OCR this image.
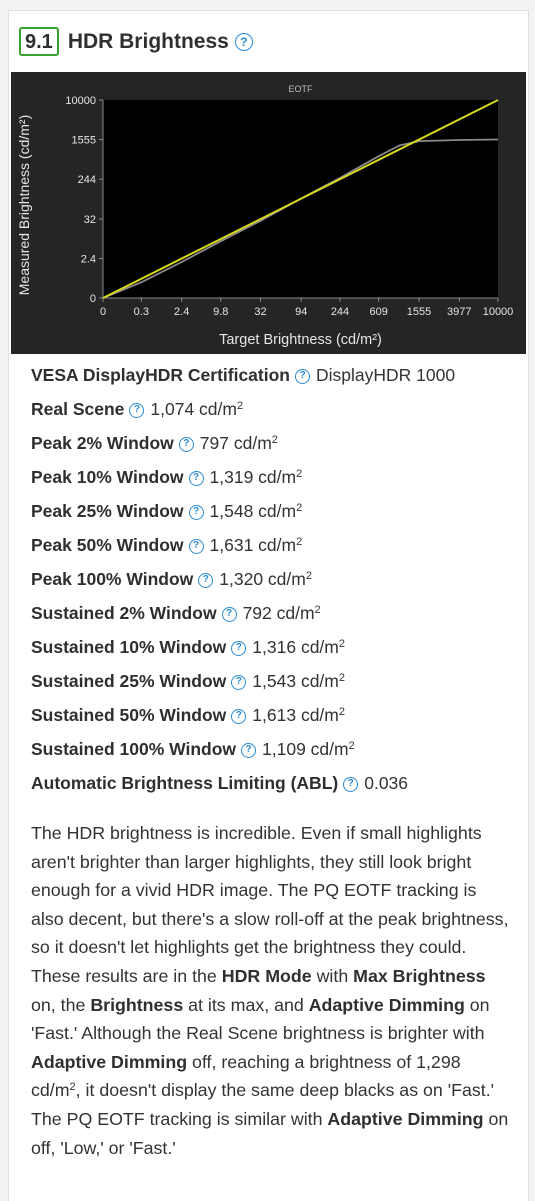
9.1 HDR Brightness ?
EOTF
0
2.4
32
244
1555
10000
0	0.3 2.4 9.8 32	94 244 609 1555 3977 10000
Target Brightness (cd/m²)
Measured Brightness (cd/m²)
VESA DisplayHDR Certification ? DisplayHDR 1000
Real Scene ? 1,074 $cd/m^2$
Peak 2% Window ? 797 $cd/m^2$
Peak 10% Window ? 1,319 $cd/m^2$
Peak 25% Window ? 1,548 $cd/m^2$
Peak 50% Window ? 1,631 $cd/m^2$
Peak 100% Window ? 1,320 $cd/m^2$
Sustained 2% Window ? 792 $cd/m^2$
Sustained 10% Window ? 1,316 $cd/m^2$
Sustained 25% Window ? 1,543 $cd/m^2$
Sustained 50% Window ? 1,613 $cd/m^2$
Sustained 100% Window ? 1,109 $cd/m^2$
Automatic Brightness Limiting (ABL) ? 0.036
The HDR brightness is incredible. Even if small highlights aren't brighter than larger highlights, they still look bright enough for a vivid HDR image. The PQ EOTF tracking is also decent, but there's a slow roll-off at the peak brightness, so it doesn't let highlights get the brightness they could. These results are in the HDR Mode with Max Brightness on, the Brightness at its max, and Adaptive Dimming on 'Fast.' Although the Real Scene brightness is brighter with Adaptive Dimming off, reaching a brightness of 1,298 $cd/m^2$, it doesn't display the same deep blacks as on 'Fast.' The PQ EOTF tracking is similar with Adaptive Dimming on off, 'Low,' or 'Fast.'
